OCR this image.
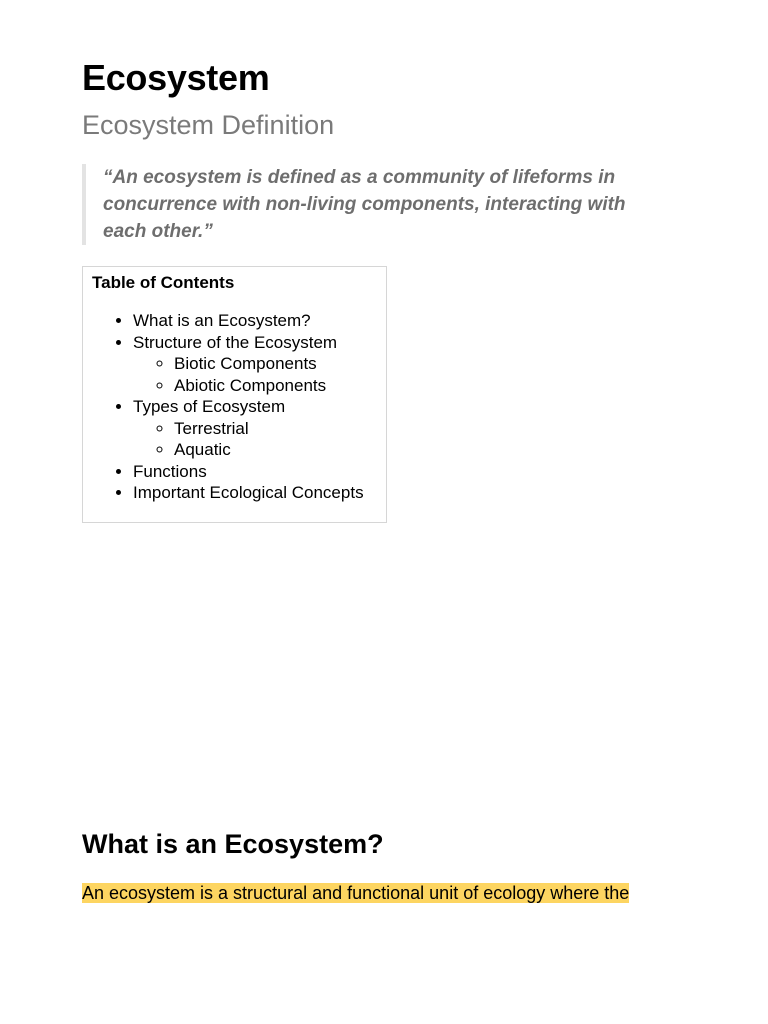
Ecosystem
Ecosystem Definition
“An ecosystem is defined as a community of lifeforms in concurrence with non-living components, interacting with each other.”
Table of Contents
• What is an Ecosystem?
• Structure of the Ecosystem
◦ Biotic Components
◦ Abiotic Components
• Types of Ecosystem
◦ Terrestrial
◦ Aquatic
• Functions
• Important Ecological Concepts
What is an Ecosystem?

An ecosystem is a structural and functional unit of ecology where the
